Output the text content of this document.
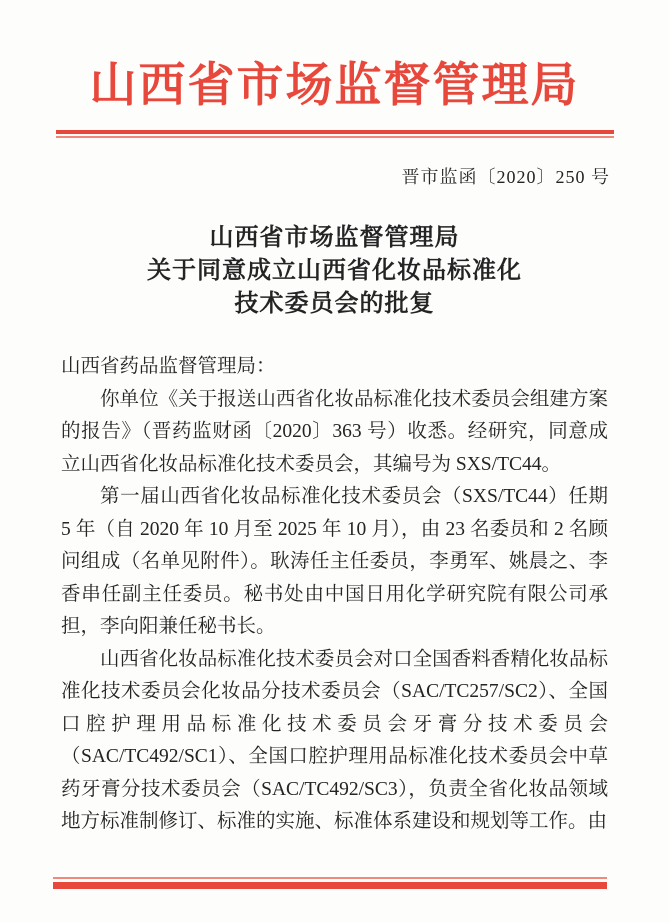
山西省市场监督管理局
晋市监函〔2020〕250 号
山西省市场监督管理局
关于同意成立山西省化妆品标准化
技术委员会的批复

山西省药品监督管理局：

你单位《关于报送山西省化妆品标准化技术委员会组建方案的报告》（晋药监财函〔2020〕363 号）收悉。经研究，同意成立山西省化妆品标准化技术委员会，其编号为 SXS/TC44。

第一届山西省化妆品标准化技术委员会（SXS/TC44）任期 5 年（自 2020 年 10 月至 2025 年 10 月），由 23 名委员和 2 名顾问组成（名单见附件）。耿涛任主任委员，李勇军、姚晨之、李香串任副主任委员。秘书处由中国日用化学研究院有限公司承担，李向阳兼任秘书长。

山西省化妆品标准化技术委员会对口全国香料香精化妆品标准化技术委员会化妆品分技术委员会（SAC/TC257/SC2）、全国口腔护理用品标准化技术委员会牙膏分技术委员会（SAC/TC492/SC1）、全国口腔护理用品标准化技术委员会中草药牙膏分技术委员会（SAC/TC492/SC3），负责全省化妆品领域地方标准制修订、标准的实施、标准体系建设和规划等工作。由
